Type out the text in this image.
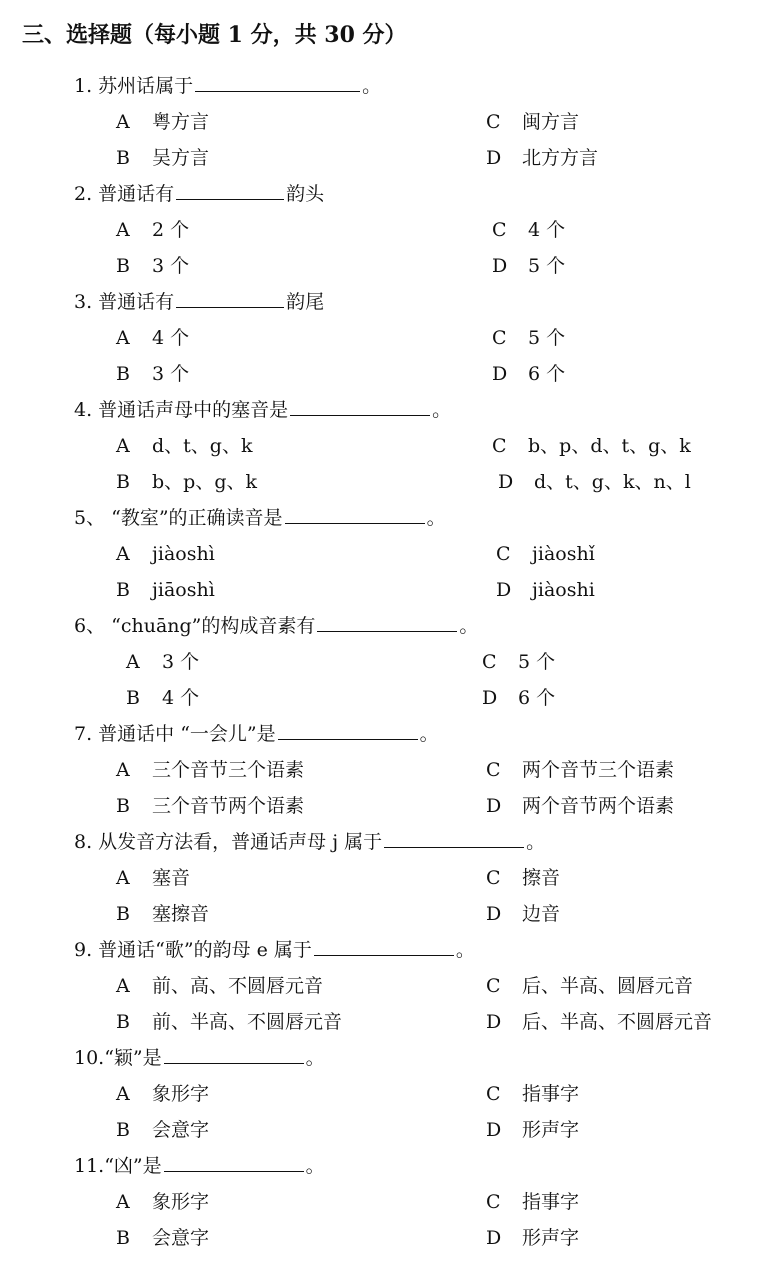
三、选择题（每小题 1 分，共 30 分）
1. 苏州话属于	。
A 粤方言
B 吴方言
C 闽方言
D 北方方言
2. 普通话有	韵头
A 2 个
B 3 个
C 4 个
D 5 个
3. 普通话有	韵尾
A 4 个
B 3 个
C 5 个
D 6 个
4. 普通话声母中的塞音是	。
A d、t、g、k
B b、p、g、k
C b、p、d、t、g、k
D d、t、g、k、n、l
5、 “教室”的正确读音是	。
A jiàoshì
B jiāoshì
C jiàoshǐ
D jiàoshi
6、 “chuāng”的构成音素有	。
A 3 个
B 4 个
C 5 个
D 6 个
7. 普通话中 “一会儿”是	。
A 三个音节三个语素
B 三个音节两个语素
C 两个音节三个语素
D 两个音节两个语素
8. 从发音方法看，普通话声母 j 属于	。
A 塞音
B 塞擦音
C 擦音
D 边音
9. 普通话“歌”的韵母 e 属于	。
A 前、高、不圆唇元音
B 前、半高、不圆唇元音
C 后、半高、圆唇元音
D 后、半高、不圆唇元音
10.“颖”是	。
A 象形字
B 会意字
C 指事字
D 形声字
11.“凶”是	。
A 象形字
B 会意字
C 指事字
D 形声字
